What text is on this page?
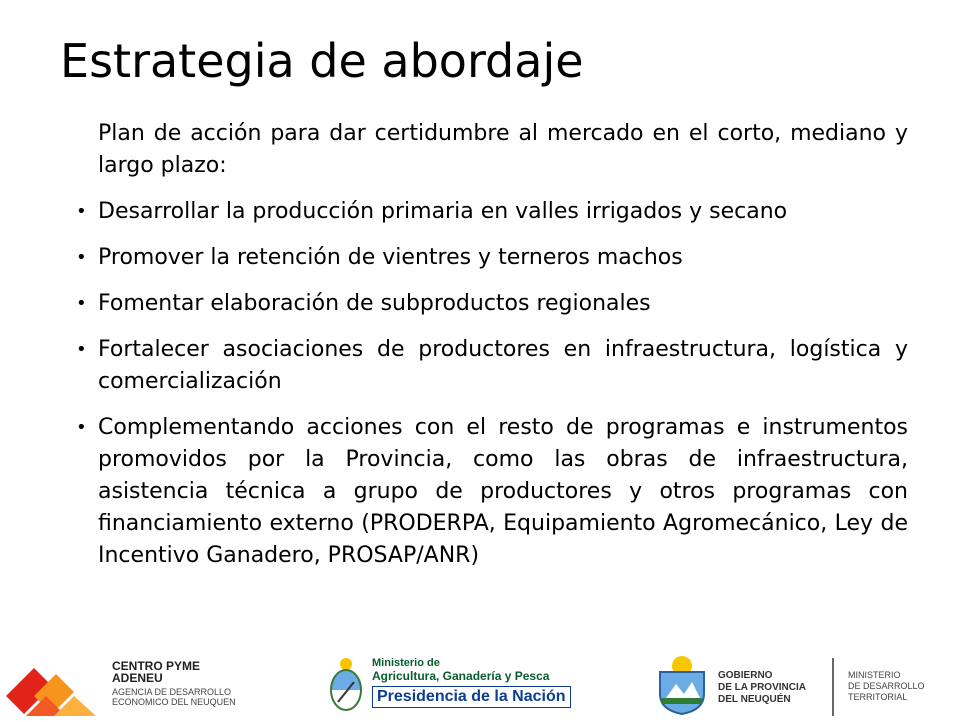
Estrategia de abordaje

Plan de acción para dar certidumbre al mercado en el corto, mediano y largo plazo:

• Desarrollar la producción primaria en valles irrigados y secano
• Promover la retención de vientres y terneros machos
• Fomentar elaboración de subproductos regionales
• Fortalecer asociaciones de productores en infraestructura, logística y comercialización
• Complementando acciones con el resto de programas e instrumentos promovidos por la Provincia, como las obras de infraestructura, asistencia técnica a grupo de productores y otros programas con financiamiento externo (PRODERPA, Equipamiento Agromecánico, Ley de Incentivo Ganadero, PROSAP/ANR)
CENTRO PYME
ADENEU
AGENCIA DE DESARROLLO
ECONOMICO DEL NEUQUEN
Ministerio de
Agricultura, Ganadería y Pesca
Presidencia de la Nación
GOBIERNO
DE LA PROVINCIA
DEL NEUQUÉN
MINISTERIO
DE DESARROLLO
TERRITORIAL
